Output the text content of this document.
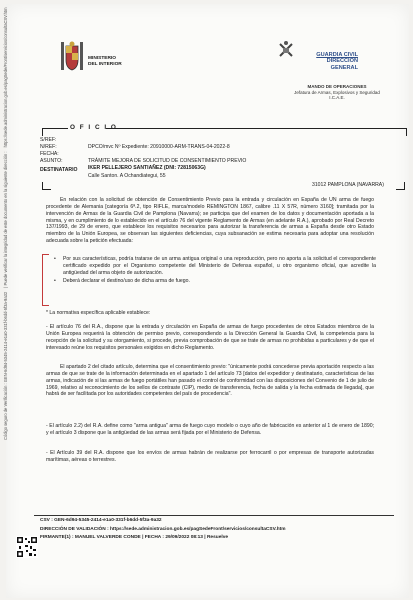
Código seguro de Verificación : GEN-6d94-5345-2414-e1a0-331f-b6dd-5f3a-9a32 | Puede verificar la integridad de este documento en la siguiente dirección : https://sede.administracion.gob.es/pagSede/Front/servicios/consultaCSV.htm	MINISTERIO
DEL INTERIOR
GUARDIA CIVIL
DIRECCIÓN GENERAL
MANDO DE OPERACIONES
Jefatura de Armas, Explosivos y Seguridad
I.C.A.E.
O F I C I O
S/REF:
N/REF:	DPCO/mvc Nº Expediente: 20910000-ARM-TRANS-04-2022-8
FECHA:
ASUNTO:	TRÁMITE MEJORA DE SOLICITUD DE CONSENTIMIENTO PREVIO
DESTINATARIO IKER PELLEJERO SANTIAÑEZ (DNI: 72815063G)
Calle Santon. A Ochandiategui, 55
31012 PAMPLONA (NAVARRA)
En relación con la solicitud de obtención de Consentimiento Previo para la entrada y circulación en España de UN arma de fuego procedente de Alemania [categoría 6ª.2, tipo RIFLE, marca/modelo REMINGTON 1867, calibre .11 X 57R, número 3160]; tramitada por la intervención de Armas de la Guardia Civil de Pamplona (Navarra); se participa que del examen de los datos y documentación aportada a la misma, y en cumplimiento de lo establecido en el artículo 76 del vigente Reglamento de Armas (en adelante R.A.), aprobado por Real Decreto 137/1993, de 29 de enero, que establece los requisitos necesarios para autorizar la transferencia de armas a España desde otro Estado miembro de la Unión Europea, se observan las siguientes deficiencias, cuya subsanación se estima necesaria para adoptar una resolución adecuada sobre la petición efectuada:
• Por sus características, podría tratarse de un arma antigua original o una reproducción, pero no aporta a la solicitud el correspondiente certificado expedido por el Organismo competente del Ministerio de Defensa español, u otro organismo oficial, que acredite la antigüedad del arma objeto de autorización.
• Deberá declarar el destino/uso de dicha arma de fuego.
* La normativa específica aplicable establece:
- El artículo 76 del R.A., dispone que la entrada y circulación en España de armas de fuego procedentes de otros Estados miembros de la Unión Europea requerirá la obtención de permiso previo, correspondiendo a la Dirección General la Guardia Civil, la competencia para la recepción de la solicitud y su otorgamiento, si procede, previa comprobación de que se trate de armas no prohibidas a particulares y de que el interesado reúne los requisitos personales exigidos en dicho Reglamento.
El apartado 2 del citado artículo, determina que el consentimiento previo: "únicamente podrá concederse previa aportación respecto a las armas de que se trate de la información determinada en el apartado 1 del artículo 73 [datos del expedidor y destinatario, características de las armas, indicación de si las armas de fuego portátiles han pasado el control de conformidad con las disposiciones del Convenio de 1 de julio de 1969, relativo al reconocimiento de los sellos de contraste (CIP), medio de transferencia, fecha de salida y la fecha estimada de llegada], que habrá de ser facilitada por los autoridades competentes del país de procedencia".
- El artículo 2.2) del R.A. define como "arma antigua" arma de fuego cuyo modelo o cuyo año de fabricación es anterior al 1 de enero de 1890; y el artículo 3 dispone que la antigüedad de las armas será fijada por el Ministerio de Defensa.
- El Artículo 39 del R.A. dispone que los envíos de armas habrán de realizarse por ferrocarril o por empresas de transporte autorizadas marítimas, aéreas o terrestres.
CSV : GEN-6d94-5345-2414-e1a0-331f-b6dd-5f3a-9a32
DIRECCIÓN DE VALIDACIÓN : https://sede.administracion.gob.es/pagSedeFront/servicios/consultaCSV.htm
FIRMANTE(1) : MANUEL VALVERDE CONDE | FECHA : 29/09/2022 08:13 | Resuelve
